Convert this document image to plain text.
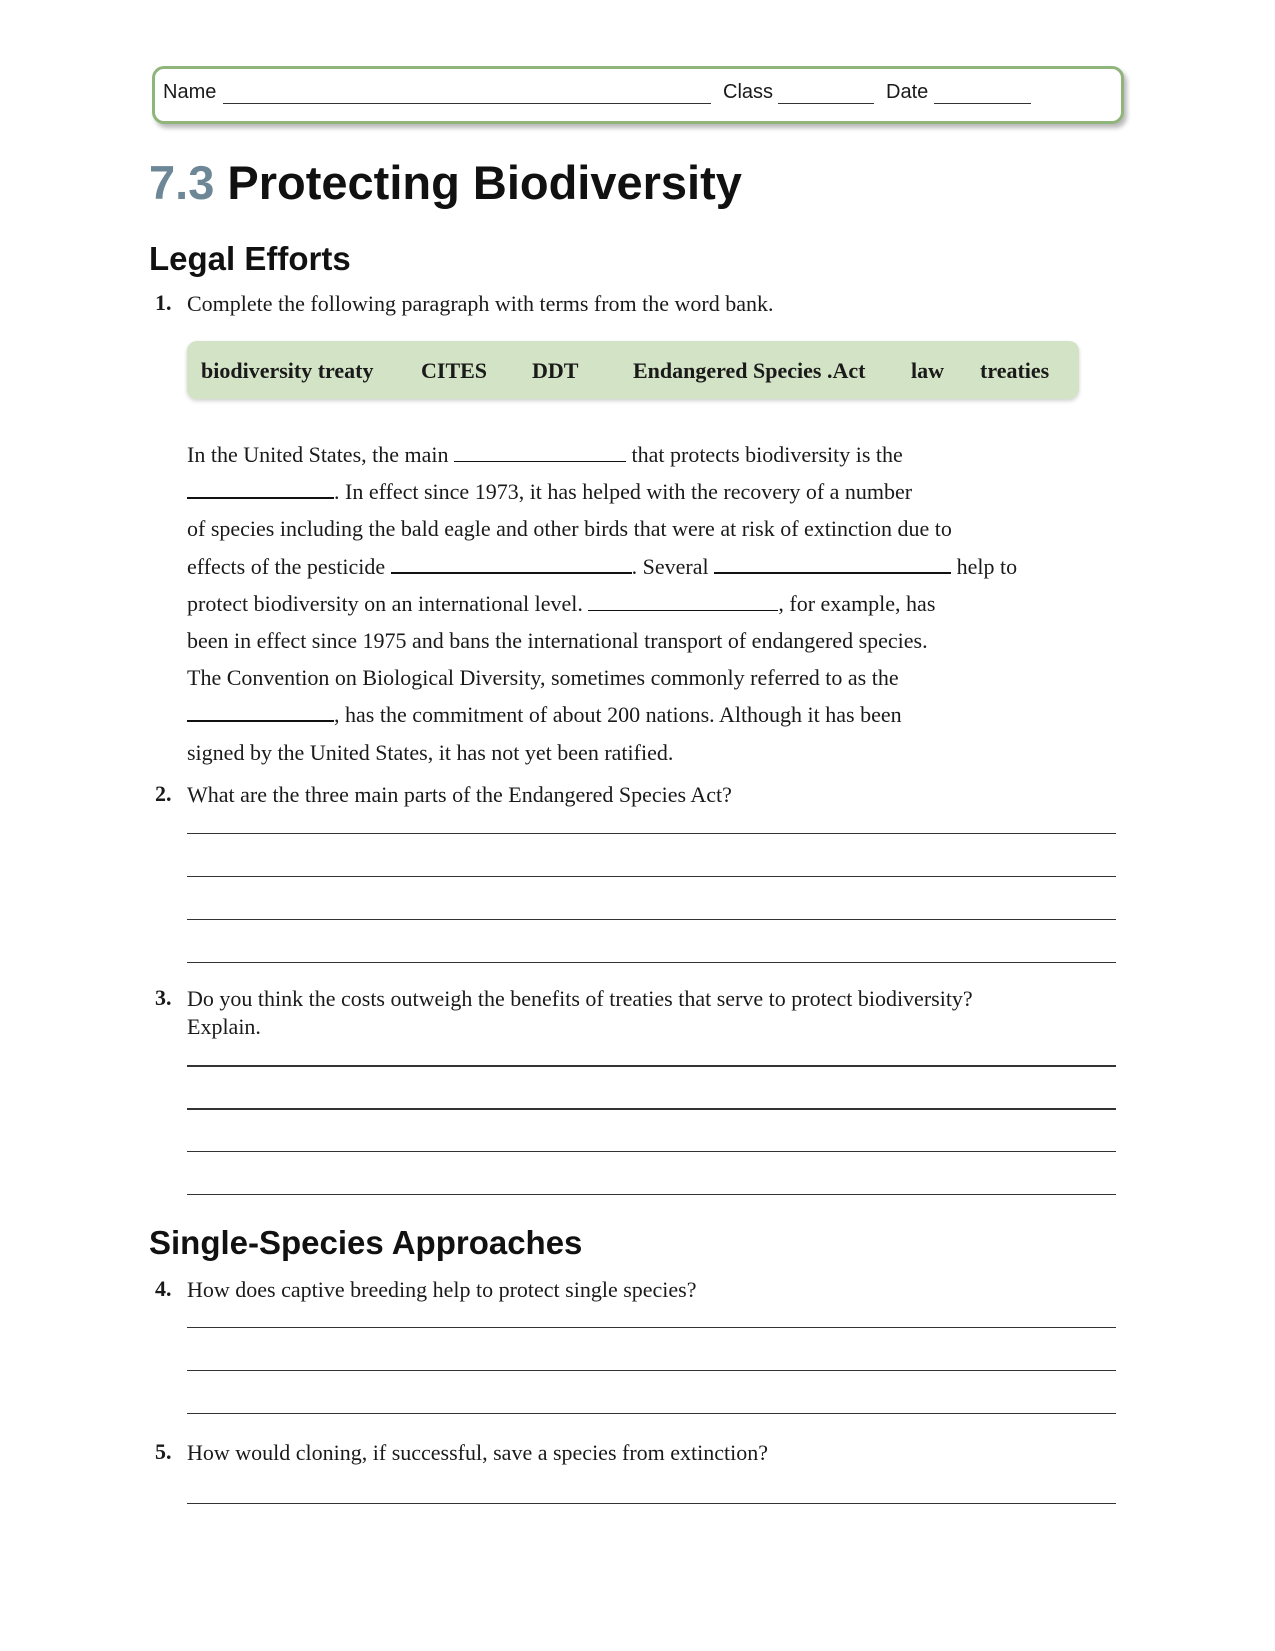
Name	Class	Date
7.3 Protecting Biodiversity
Legal Efforts
1. Complete the following paragraph with terms from the word bank.
biodiversity treaty CITES DDT Endangered Species .Act law treaties
In the United States, the main	that protects biodiversity is the
. In effect since 1973, it has helped with the recovery of a number
of species including the bald eagle and other birds that were at risk of extinction due to
effects of the pesticide	. Several	help to
protect biodiversity on an international level.	, for example, has
been in effect since 1975 and bans the international transport of endangered species.
The Convention on Biological Diversity, sometimes commonly referred to as the
, has the commitment of about 200 nations. Although it has been
signed by the United States, it has not yet been ratified.
2. What are the three main parts of the Endangered Species Act?
3. Do you think the costs outweigh the benefits of treaties that serve to protect biodiversity?
Explain.
Single-Species Approaches
4. How does captive breeding help to protect single species?
5. How would cloning, if successful, save a species from extinction?
